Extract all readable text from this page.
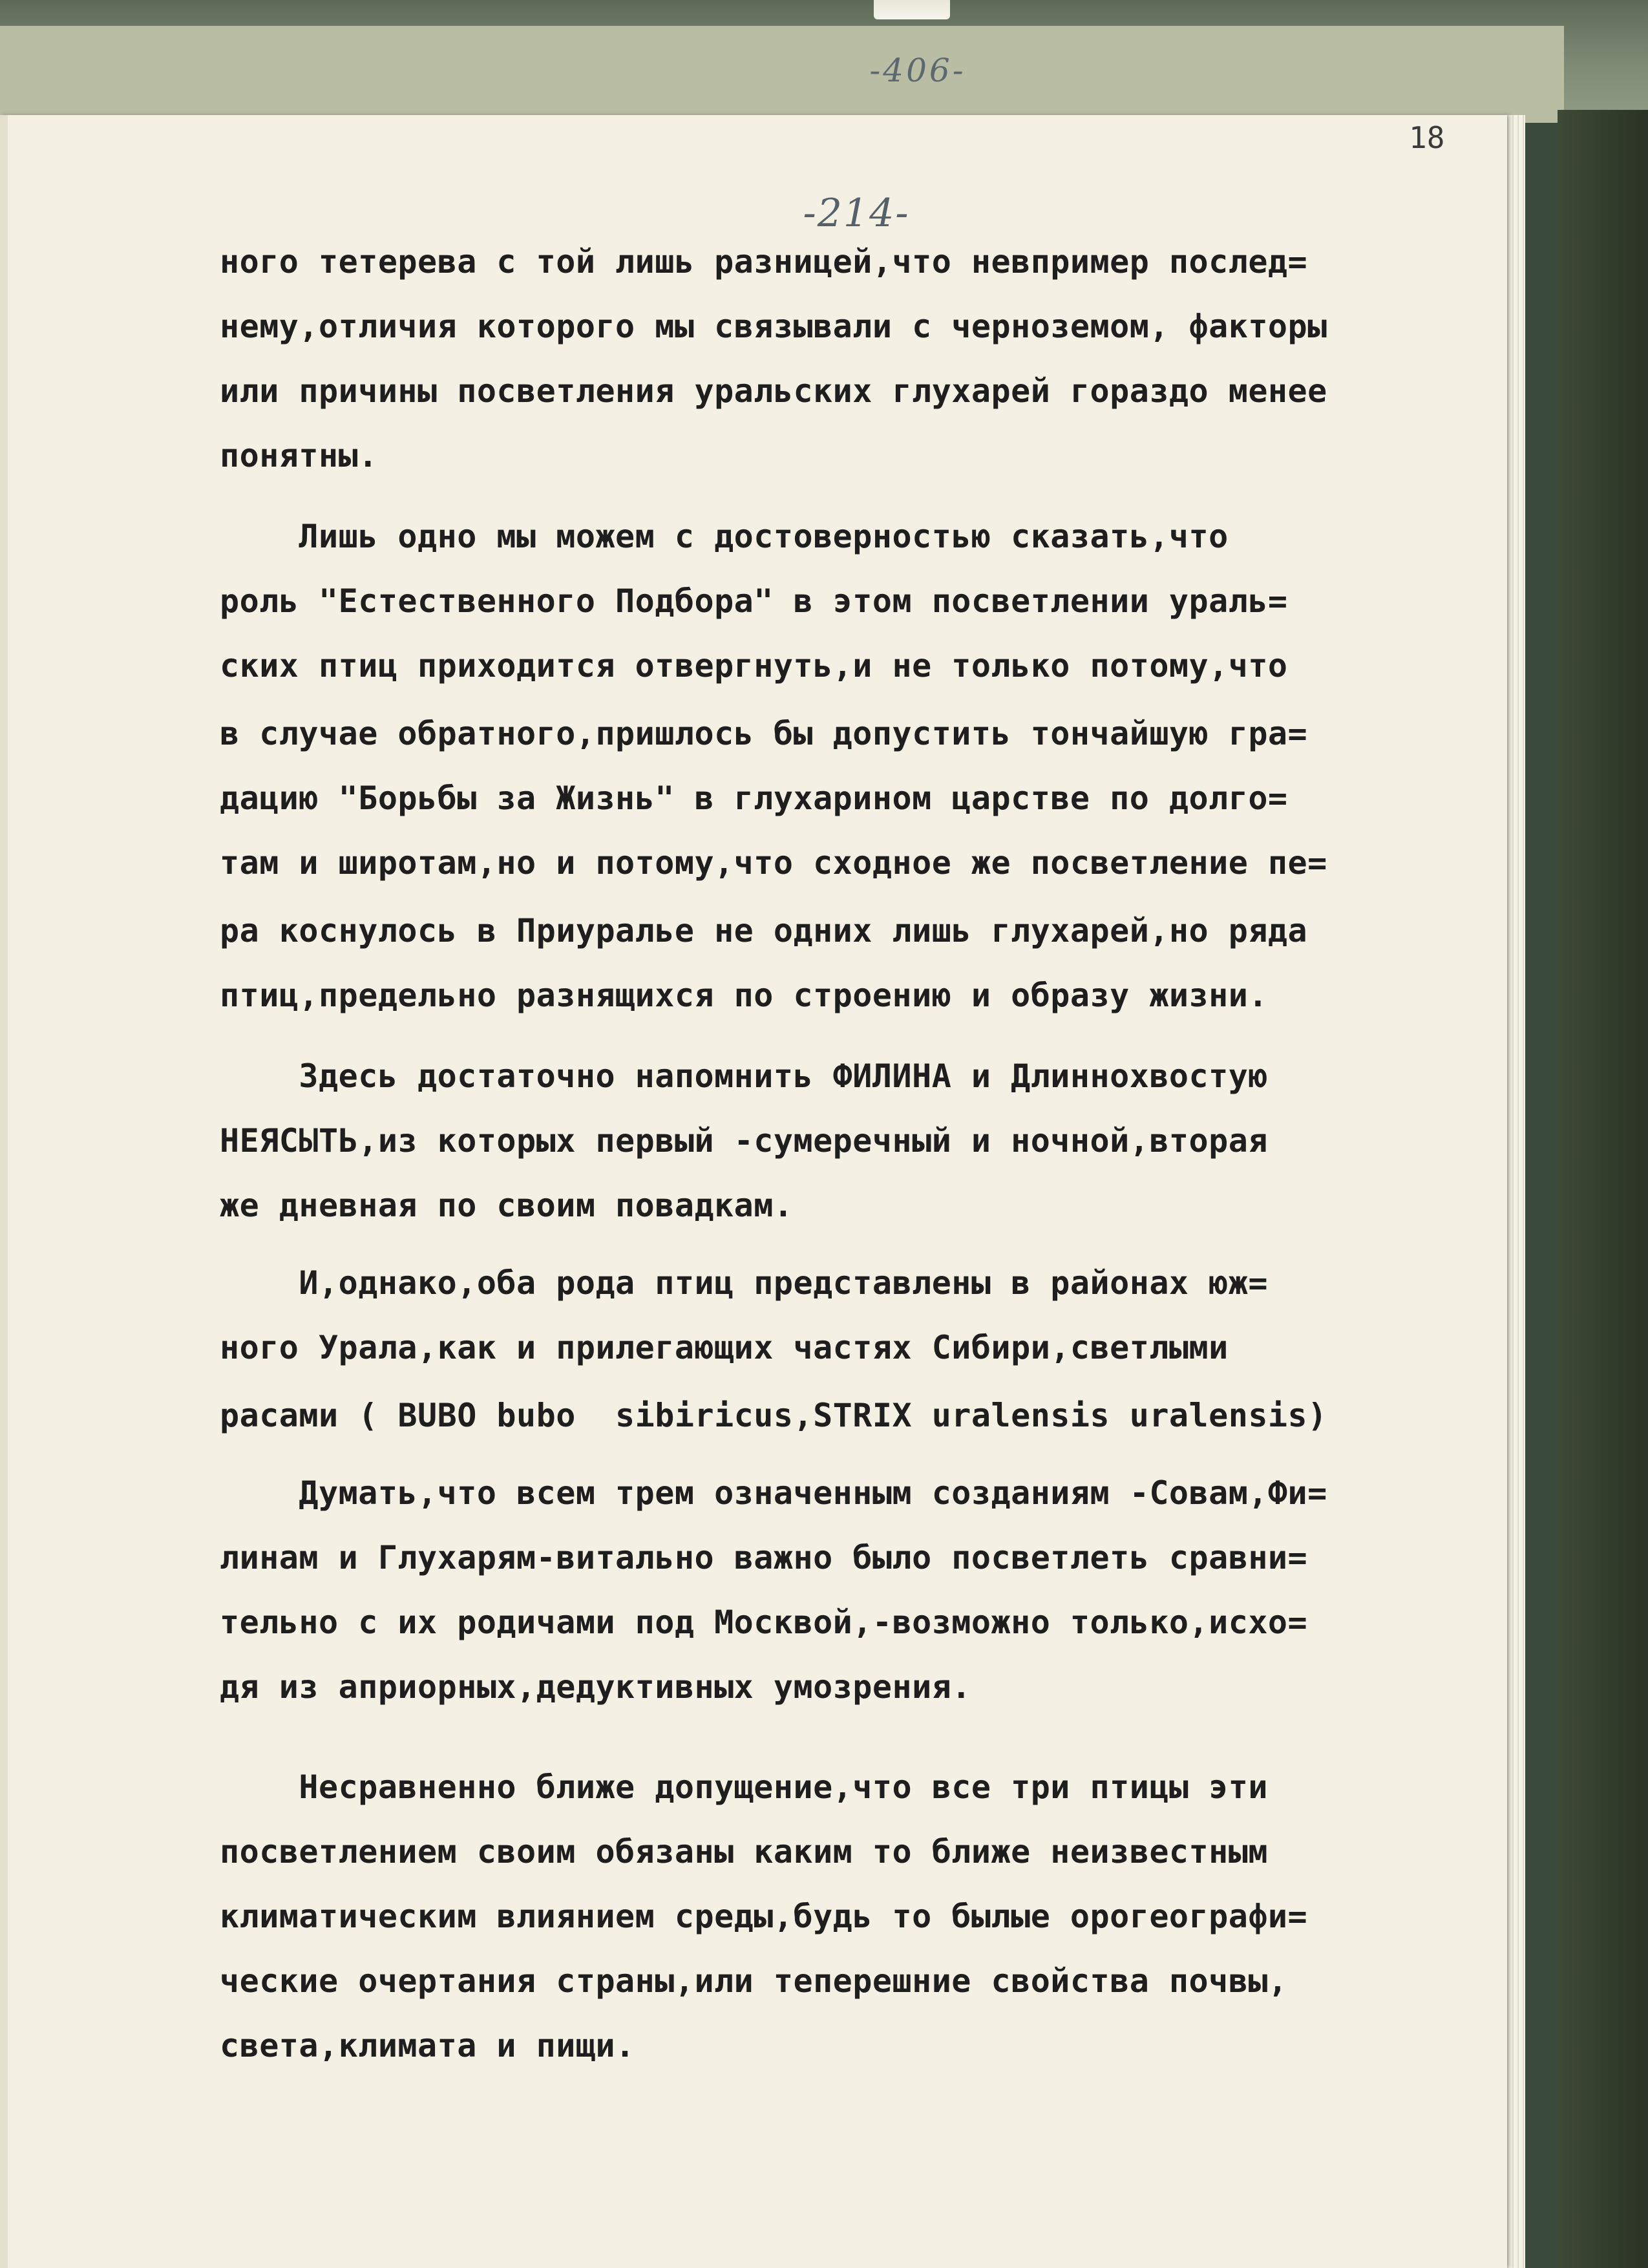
-406-
18
-214-
ного тетерева с той лишь разницей,что невпример послед=
нему,отличия которого мы связывали с черноземом, факторы
или причины посветления уральских глухарей гораздо менее
понятны.
Лишь одно мы можем с достоверностью сказать,что
роль "Естественного Подбора" в этом посветлении ураль=
ских птиц приходится отвергнуть,и не только потому,что
в случае обратного,пришлось бы допустить тончайшую гра=
дацию "Борьбы за Жизнь" в глухарином царстве по долго=
там и широтам,но и потому,что сходное же посветление пе=
ра коснулось в Приуралье не одних лишь глухарей,но ряда
птиц,предельно разнящихся по строению и образу жизни.
Здесь достаточно напомнить ФИЛИНА и Длиннохвостую
НЕЯСЫТЬ,из которых первый -сумеречный и ночной,вторая
же дневная по своим повадкам.
И,однако,оба рода птиц представлены в районах юж=
ного Урала,как и прилегающих частях Сибири,светлыми
расами ( BUBO bubo  sibiricus,STRIX uralensis uralensis)
Думать,что всем трем означенным созданиям -Совам,Фи=
линам и Глухарям-витально важно было посветлеть сравни=
тельно с их родичами под Москвой,-возможно только,исхо=
дя из априорных,дедуктивных умозрения.
Несравненно ближе допущение,что все три птицы эти
посветлением своим обязаны каким то ближе неизвестным
климатическим влиянием среды,будь то былые орогеографи=
ческие очертания страны,или теперешние свойства почвы,
света,климата и пищи.
